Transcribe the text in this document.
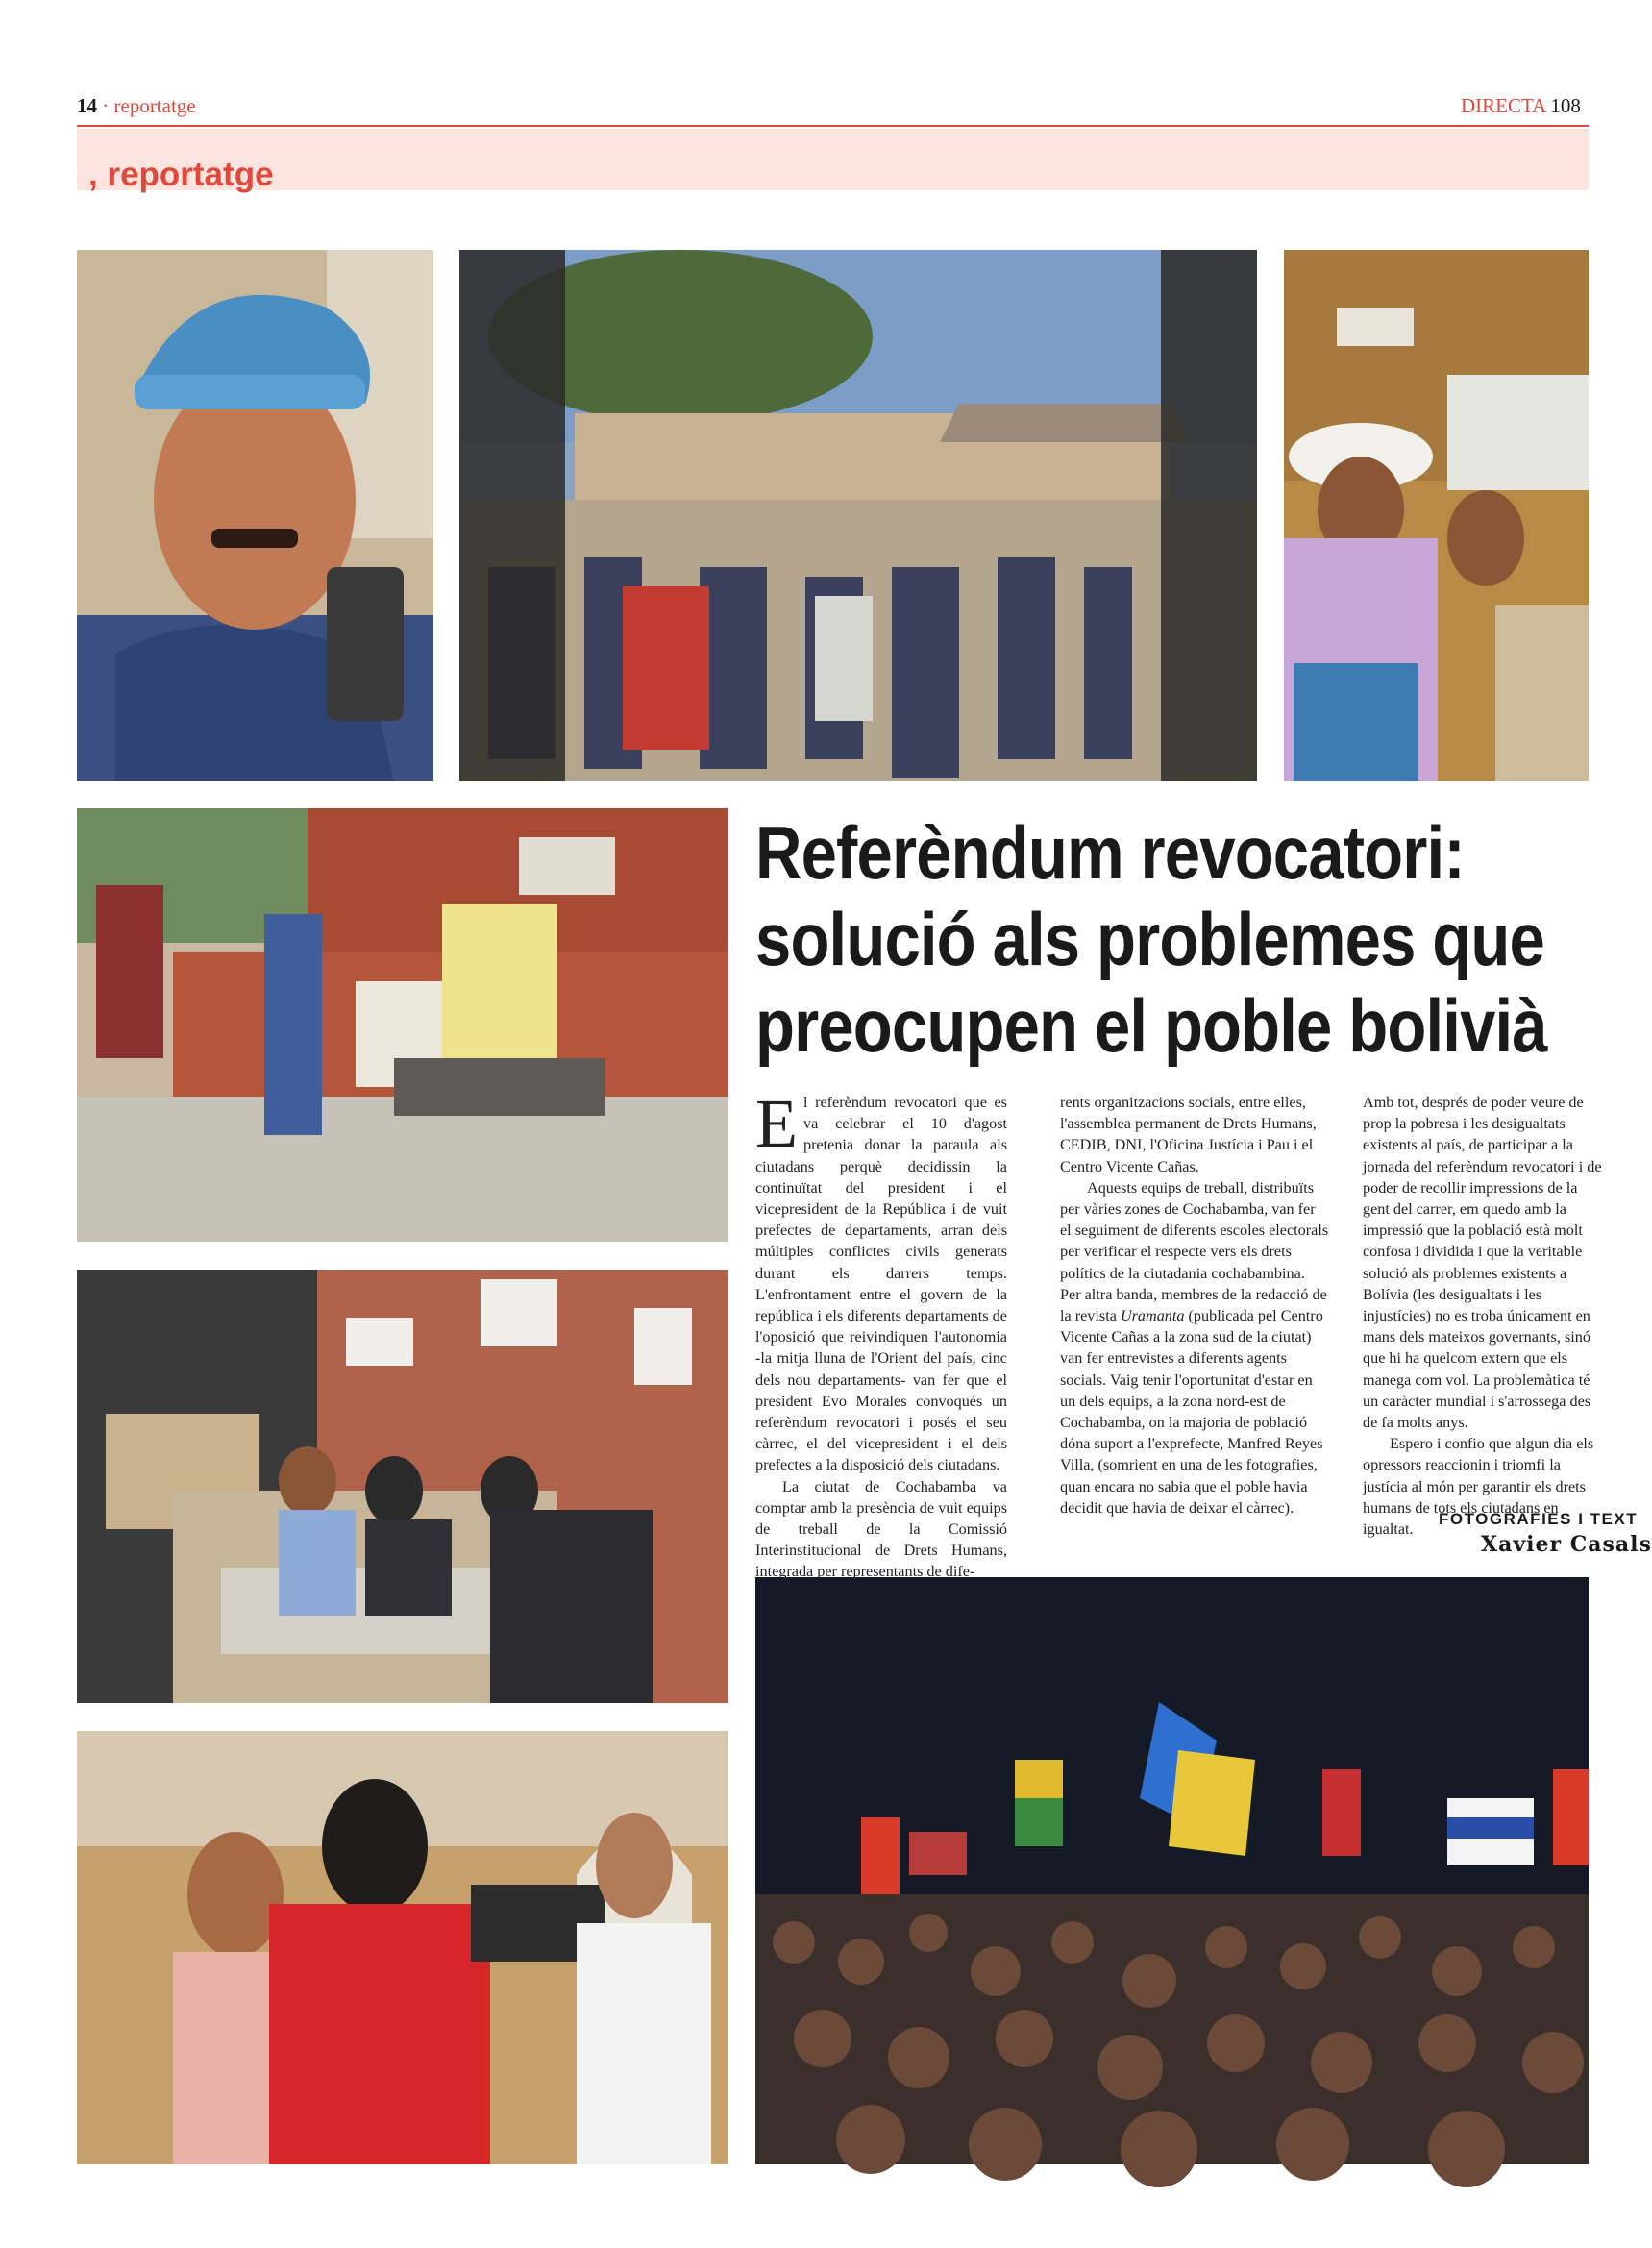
14 · reportatge	DIRECTA 108
, reportatge
Referèndum revocatori:
solució als problemes que
preocupen el poble bolivià

El referèndum revocatori que es va celebrar el 10 d'agost pretenia donar la paraula als ciutadans perquè decidissin la continuïtat del president i el vicepresident de la República i de vuit prefectes de departaments, arran dels múltiples conflictes civils generats durant els darrers temps. L'enfrontament entre el govern de la república i els diferents departaments de l'oposició que reivindiquen l'autonomia -la mitja lluna de l'Orient del país, cinc dels nou departaments- van fer que el president Evo Morales convoqués un referèndum revocatori i posés el seu càrrec, el del vicepresident i el dels prefectes a la disposició dels ciutadans.

La ciutat de Cochabamba va comptar amb la presència de vuit equips de treball de la Comissió Interinstitucional de Drets Humans, integrada per representants de dife-

rents organitzacions socials, entre elles, l'assemblea permanent de Drets Humans, CEDIB, DNI, l'Oficina Justícia i Pau i el Centro Vicente Cañas.

Aquests equips de treball, distribuïts per vàries zones de Cochabamba, van fer el seguiment de diferents escoles electorals per verificar el respecte vers els drets polítics de la ciutadania cochabambina. Per altra banda, membres de la redacció de la revista Uramanta (publicada pel Centro Vicente Cañas a la zona sud de la ciutat) van fer entrevistes a diferents agents socials. Vaig tenir l'oportunitat d'estar en un dels equips, a la zona nord-est de Cochabamba, on la majoria de població dóna suport a l'exprefecte, Manfred Reyes Villa, (somrient en una de les fotografies, quan encara no sabia que el poble havia decidit que havia de deixar el càrrec).

Amb tot, després de poder veure de prop la pobresa i les desigualtats existents al país, de participar a la jornada del referèndum revocatori i de poder de recollir impressions de la gent del carrer, em quedo amb la impressió que la població està molt confosa i dividida i que la veritable solució als problemes existents a Bolívia (les desigualtats i les injustícies) no es troba únicament en mans dels mateixos governants, sinó que hi ha quelcom extern que els manega com vol. La problemàtica té un caràcter mundial i s'arrossega des de fa molts anys.

Espero i confio que algun dia els opressors reaccionin i triomfi la justícia al món per garantir els drets humans de tots els ciutadans en igualtat.

FOTOGRAFIES I TEXT
Xavier Casals
